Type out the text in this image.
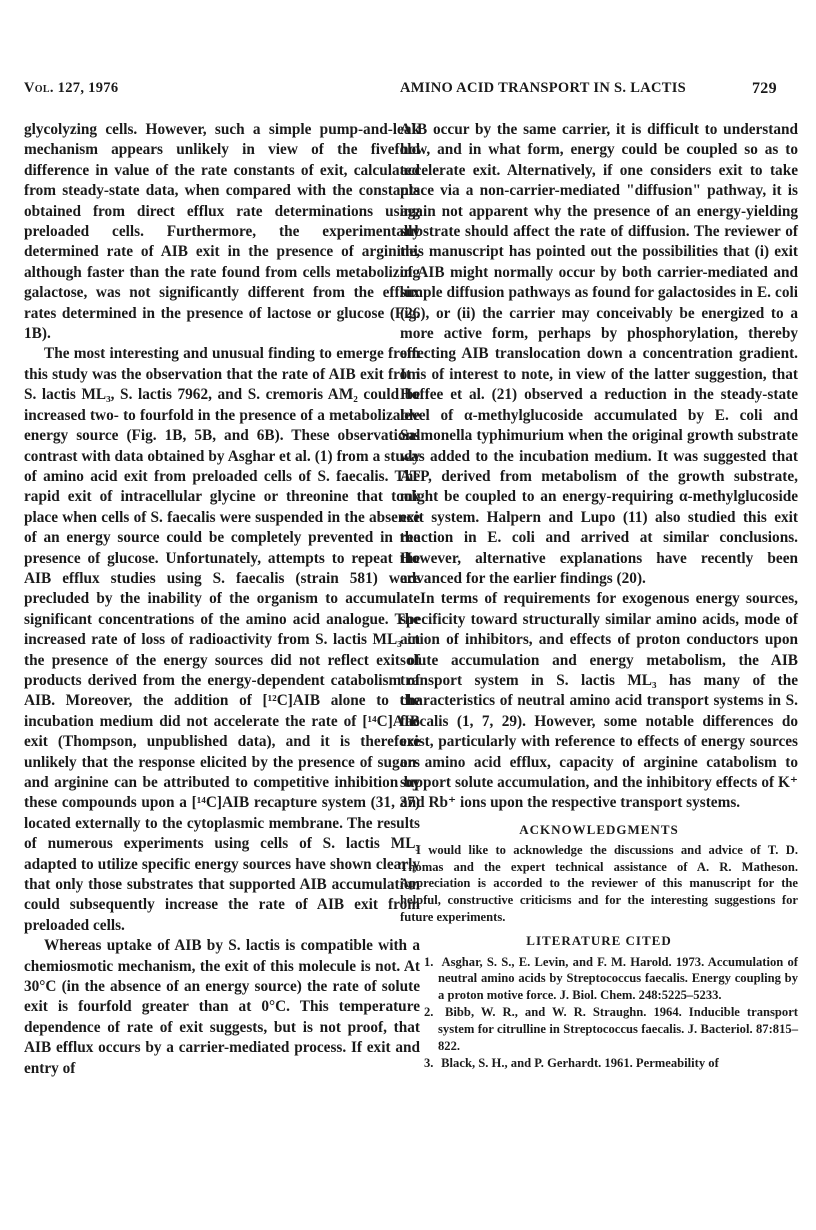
Vol. 127, 1976	AMINO ACID TRANSPORT IN S. LACTIS	729

glycolyzing cells. However, such a simple pump-and-leak mechanism appears unlikely in view of the fivefold difference in value of the rate constants of exit, calculated from steady-state data, when compared with the constants obtained from direct efflux rate determinations using preloaded cells. Furthermore, the experimentally determined rate of AIB exit in the presence of arginine, although faster than the rate found from cells metabolizing galactose, was not significantly different from the efflux rates determined in the presence of lactose or glucose (Fig. 1B).

The most interesting and unusual finding to emerge from this study was the observation that the rate of AIB exit from S. lactis ML₃, S. lactis 7962, and S. cremoris AM₂ could be increased two- to fourfold in the presence of a metabolizable energy source (Fig. 1B, 5B, and 6B). These observations contrast with data obtained by Asghar et al. (1) from a study of amino acid exit from preloaded cells of S. faecalis. The rapid exit of intracellular glycine or threonine that took place when cells of S. faecalis were suspended in the absence of an energy source could be completely prevented in the presence of glucose. Unfortunately, attempts to repeat the AIB efflux studies using S. faecalis (strain 581) were precluded by the inability of the organism to accumulate significant concentrations of the amino acid analogue. The increased rate of loss of radioactivity from S. lactis ML₃ in the presence of the energy sources did not reflect exit of products derived from the energy-dependent catabolism of AIB. Moreover, the addition of [¹²C]AIB alone to the incubation medium did not accelerate the rate of [¹⁴C]AIB exit (Thompson, unpublished data), and it is therefore unlikely that the response elicited by the presence of sugars and arginine can be attributed to competitive inhibition by these compounds upon a [¹⁴C]AIB recapture system (31, 37) located externally to the cytoplasmic membrane. The results of numerous experiments using cells of S. lactis ML₃ adapted to utilize specific energy sources have shown clearly that only those substrates that supported AIB accumulation could subsequently increase the rate of AIB exit from preloaded cells.

Whereas uptake of AIB by S. lactis is compatible with a chemiosmotic mechanism, the exit of this molecule is not. At 30°C (in the absence of an energy source) the rate of solute exit is fourfold greater than at 0°C. This temperature dependence of rate of exit suggests, but is not proof, that AIB efflux occurs by a carrier-mediated process. If exit and entry of

AIB occur by the same carrier, it is difficult to understand how, and in what form, energy could be coupled so as to accelerate exit. Alternatively, if one considers exit to take place via a non-carrier-mediated "diffusion" pathway, it is again not apparent why the presence of an energy-yielding substrate should affect the rate of diffusion. The reviewer of this manuscript has pointed out the possibilities that (i) exit of AIB might normally occur by both carrier-mediated and simple diffusion pathways as found for galactosides in E. coli (26), or (ii) the carrier may conceivably be energized to a more active form, perhaps by phosphorylation, thereby effecting AIB translocation down a concentration gradient. It is of interest to note, in view of the latter suggestion, that Hoffee et al. (21) observed a reduction in the steady-state level of α-methylglucoside accumulated by E. coli and Salmonella typhimurium when the original growth substrate was added to the incubation medium. It was suggested that ATP, derived from metabolism of the growth substrate, might be coupled to an energy-requiring α-methylglucoside exit system. Halpern and Lupo (11) also studied this exit reaction in E. coli and arrived at similar conclusions. However, alternative explanations have recently been advanced for the earlier findings (20).

In terms of requirements for exogenous energy sources, specificity toward structurally similar amino acids, mode of action of inhibitors, and effects of proton conductors upon solute accumulation and energy metabolism, the AIB transport system in S. lactis ML₃ has many of the characteristics of neutral amino acid transport systems in S. faecalis (1, 7, 29). However, some notable differences do exist, particularly with reference to effects of energy sources on amino acid efflux, capacity of arginine catabolism to support solute accumulation, and the inhibitory effects of K⁺ and Rb⁺ ions upon the respective transport systems.

ACKNOWLEDGMENTS

I would like to acknowledge the discussions and advice of T. D. Thomas and the expert technical assistance of A. R. Matheson. Appreciation is accorded to the reviewer of this manuscript for the helpful, constructive criticisms and for the interesting suggestions for future experiments.

LITERATURE CITED
1. Asghar, S. S., E. Levin, and F. M. Harold. 1973. Accumulation of neutral amino acids by Streptococcus faecalis. Energy coupling by a proton motive force. J. Biol. Chem. 248:5225–5233.
2. Bibb, W. R., and W. R. Straughn. 1964. Inducible transport system for citrulline in Streptococcus faecalis. J. Bacteriol. 87:815–822.
3. Black, S. H., and P. Gerhardt. 1961. Permeability of
